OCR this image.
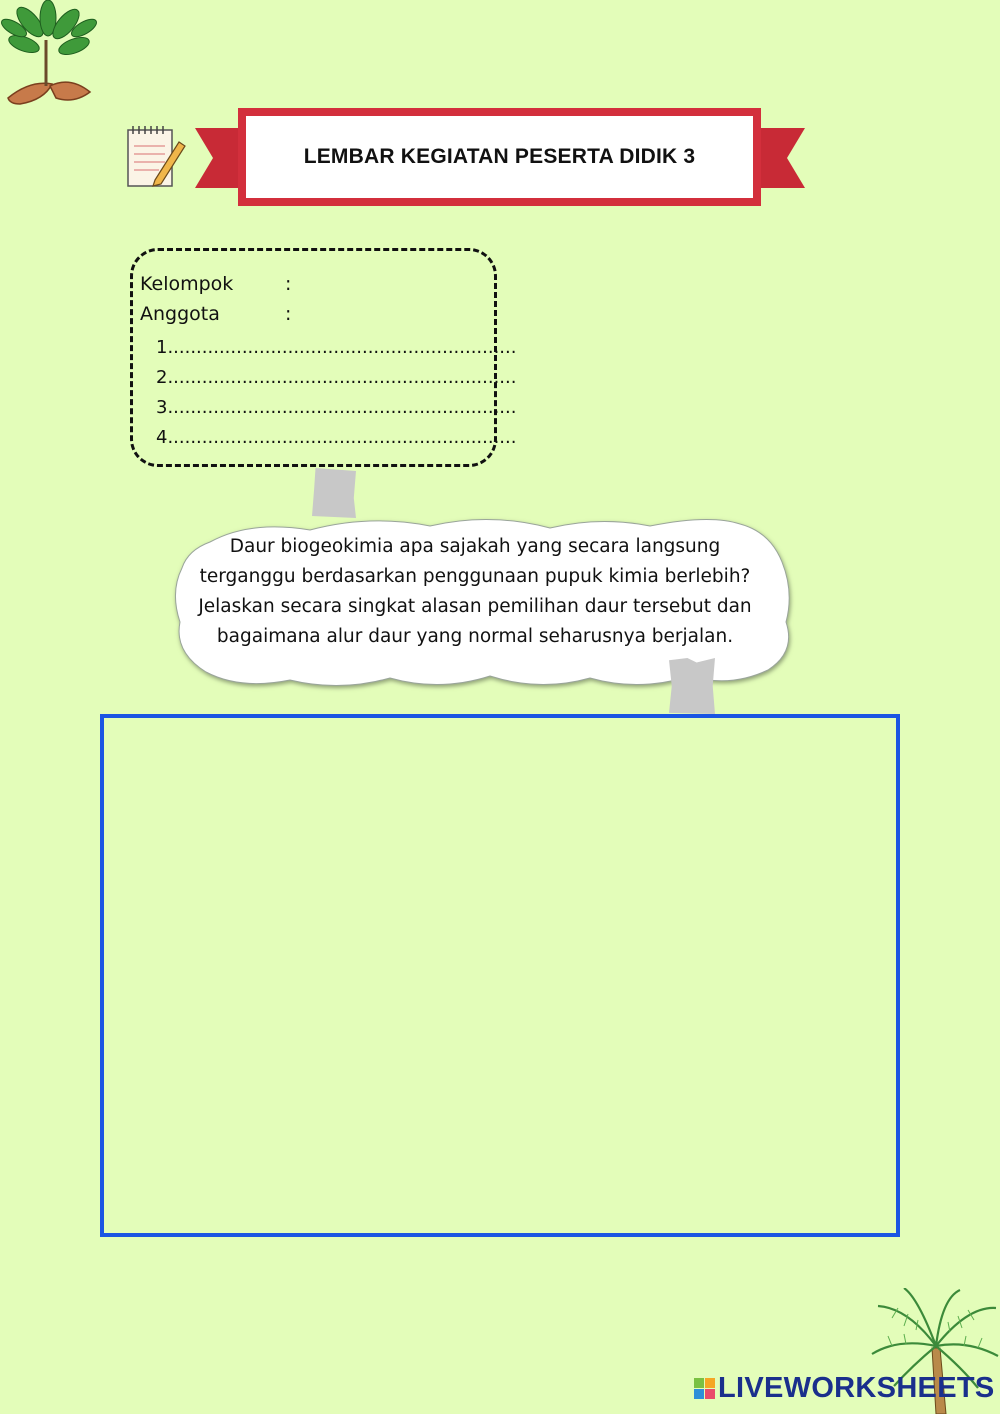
LEMBAR KEGIATAN PESERTA DIDIK 3
Kelompok	:
Anggota	:
1.............................................................
2.............................................................
3.............................................................
4.............................................................
Daur biogeokimia apa sajakah yang secara langsung terganggu berdasarkan penggunaan pupuk kimia berlebih? Jelaskan secara singkat alasan pemilihan daur tersebut dan bagaimana alur daur yang normal seharusnya berjalan.
LIVEWORKSHEETS
